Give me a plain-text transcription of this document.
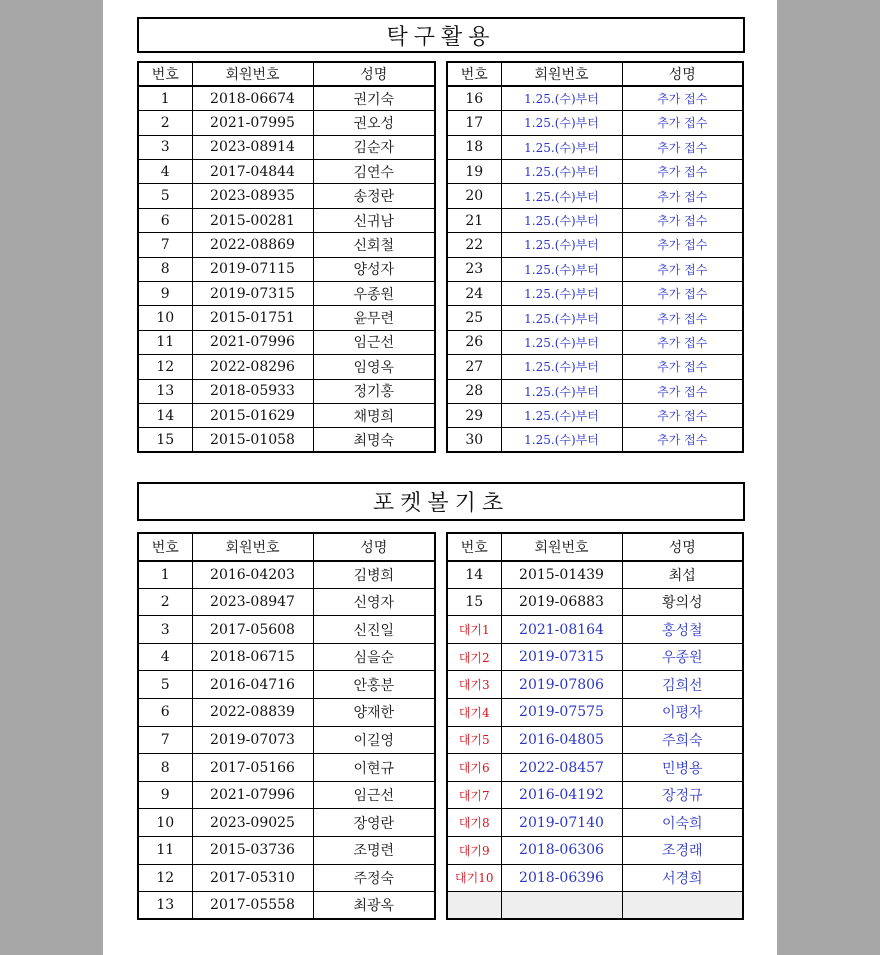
탁구활용
번호	회원번호	성명
1	2018-06674	권기숙
2	2021-07995	권오성
3	2023-08914	김순자
4	2017-04844	김연수
5	2023-08935	송정란
6	2015-00281	신귀남
7	2022-08869	신회철
8	2019-07115	양성자
9	2019-07315	우종원
10	2015-01751	윤무련
11	2021-07996	임근선
12	2022-08296	임영옥
13	2018-05933	정기홍
14	2015-01629	채명희
15	2015-01058	최명숙
번호	회원번호	성명
16	1.25.(수)부터	추가 접수
17	1.25.(수)부터	추가 접수
18	1.25.(수)부터	추가 접수
19	1.25.(수)부터	추가 접수
20	1.25.(수)부터	추가 접수
21	1.25.(수)부터	추가 접수
22	1.25.(수)부터	추가 접수
23	1.25.(수)부터	추가 접수
24	1.25.(수)부터	추가 접수
25	1.25.(수)부터	추가 접수
26	1.25.(수)부터	추가 접수
27	1.25.(수)부터	추가 접수
28	1.25.(수)부터	추가 접수
29	1.25.(수)부터	추가 접수
30	1.25.(수)부터	추가 접수
포켓볼기초
번호	회원번호	성명
1	2016-04203	김병희
2	2023-08947	신영자
3	2017-05608	신진일
4	2018-06715	심을순
5	2016-04716	안홍분
6	2022-08839	양재한
7	2019-07073	이길영
8	2017-05166	이현규
9	2021-07996	임근선
10	2023-09025	장영란
11	2015-03736	조명련
12	2017-05310	주정숙
13	2017-05558	최광옥
번호	회원번호	성명
14	2015-01439	최섭
15	2019-06883	황의성
대기1	2021-08164	홍성철
대기2	2019-07315	우종원
대기3	2019-07806	김희선
대기4	2019-07575	이평자
대기5	2016-04805	주희숙
대기6	2022-08457	민병용
대기7	2016-04192	장정규
대기8	2019-07140	이숙희
대기9	2018-06306	조경래
대기10	2018-06396	서경희
